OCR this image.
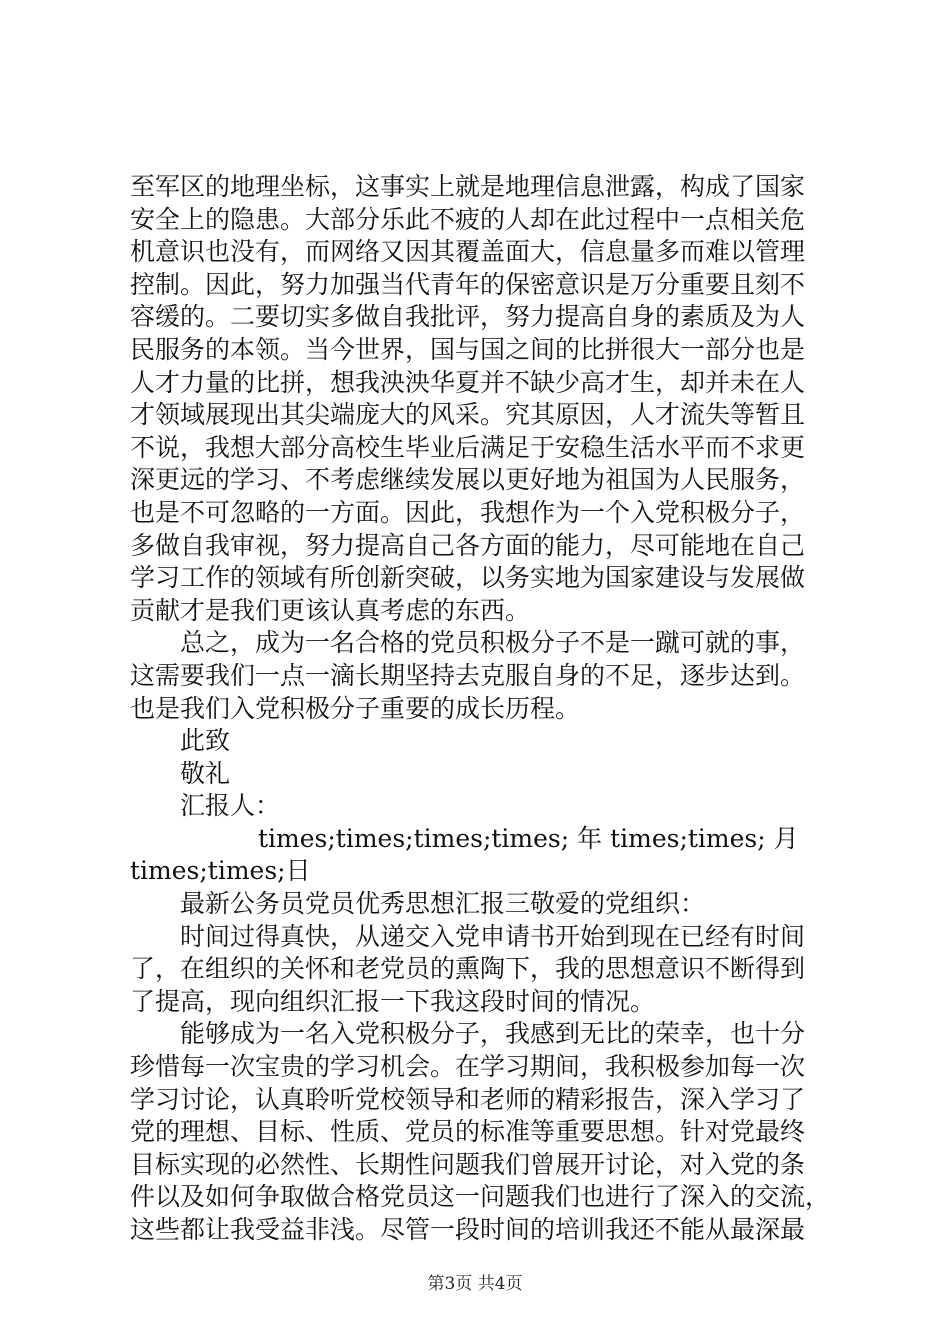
至军区的地理坐标，这事实上就是地理信息泄露，构成了国家
安全上的隐患。大部分乐此不疲的人却在此过程中一点相关危
机意识也没有，而网络又因其覆盖面大，信息量多而难以管理
控制。因此，努力加强当代青年的保密意识是万分重要且刻不
容缓的。二要切实多做自我批评，努力提高自身的素质及为人
民服务的本领。当今世界，国与国之间的比拼很大一部分也是
人才力量的比拼，想我泱泱华夏并不缺少高才生，却并未在人
才领域展现出其尖端庞大的风采。究其原因，人才流失等暂且
不说，我想大部分高校生毕业后满足于安稳生活水平而不求更
深更远的学习、不考虑继续发展以更好地为祖国为人民服务，
也是不可忽略的一方面。因此，我想作为一个入党积极分子，
多做自我审视，努力提高自己各方面的能力，尽可能地在自己
学习工作的领域有所创新突破，以务实地为国家建设与发展做
贡献才是我们更该认真考虑的东西。
总之，成为一名合格的党员积极分子不是一蹴可就的事，
这需要我们一点一滴长期坚持去克服自身的不足，逐步达到。
也是我们入党积极分子重要的成长历程。
此致
敬礼
汇报人：
times;times;times;times; 年 times;times; 月
times;times;日
最新公务员党员优秀思想汇报三敬爱的党组织：
时间过得真快，从递交入党申请书开始到现在已经有时间
了，在组织的关怀和老党员的熏陶下，我的思想意识不断得到
了提高，现向组织汇报一下我这段时间的情况。
能够成为一名入党积极分子，我感到无比的荣幸，也十分
珍惜每一次宝贵的学习机会。在学习期间，我积极参加每一次
学习讨论，认真聆听党校领导和老师的精彩报告，深入学习了
党的理想、目标、性质、党员的标准等重要思想。针对党最终
目标实现的必然性、长期性问题我们曾展开讨论，对入党的条
件以及如何争取做合格党员这一问题我们也进行了深入的交流，
这些都让我受益非浅。尽管一段时间的培训我还不能从最深最
第3页 共4页
